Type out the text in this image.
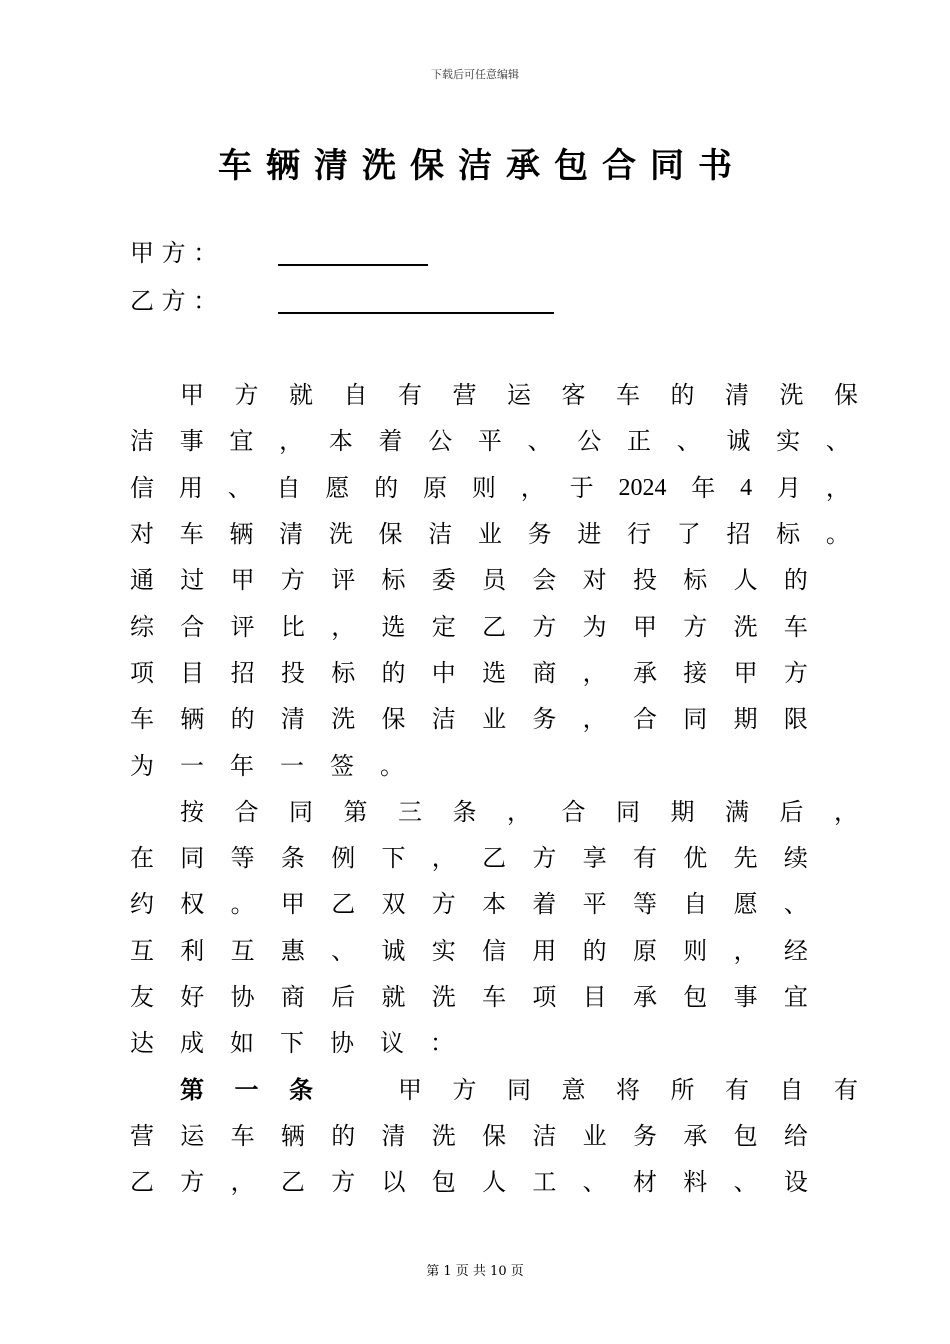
下载后可任意编辑
车辆清洗保洁承包合同书
甲 方 ：
乙 方 ：
甲 方 就 自 有 营 运 客 车 的 清 洗 保
洁 事 宜 ， 本 着 公 平 、 公 正 、 诚 实 、
信 用 、 自 愿 的 原 则 ， 于 2024 年 4 月 ，
对 车 辆 清 洗 保 洁 业 务 进 行 了 招 标 。
通 过 甲 方 评 标 委 员 会 对 投 标 人 的
综 合 评 比 ， 选 定 乙 方 为 甲 方 洗 车
项 目 招 投 标 的 中 选 商 ， 承 接 甲 方
车 辆 的 清 洗 保 洁 业 务 ， 合 同 期 限
为 一 年 一 签 。
按 合 同 第 三 条 ， 合 同 期 满 后 ，
在 同 等 条 例 下 ， 乙 方 享 有 优 先 续
约 权 。 甲 乙 双 方 本 着 平 等 自 愿 、
互 利 互 惠 、 诚 实 信 用 的 原 则 ， 经
友 好 协 商 后 就 洗 车 项 目 承 包 事 宜
达 成 如 下 协 议 ：
第 一 条
　	甲 方 同 意 将 所 有 自 有
营 运 车 辆 的 清 洗 保 洁 业 务 承 包 给
乙 方 ， 乙 方 以 包 人 工 、 材 料 、 设
第 1 页 共 10 页
